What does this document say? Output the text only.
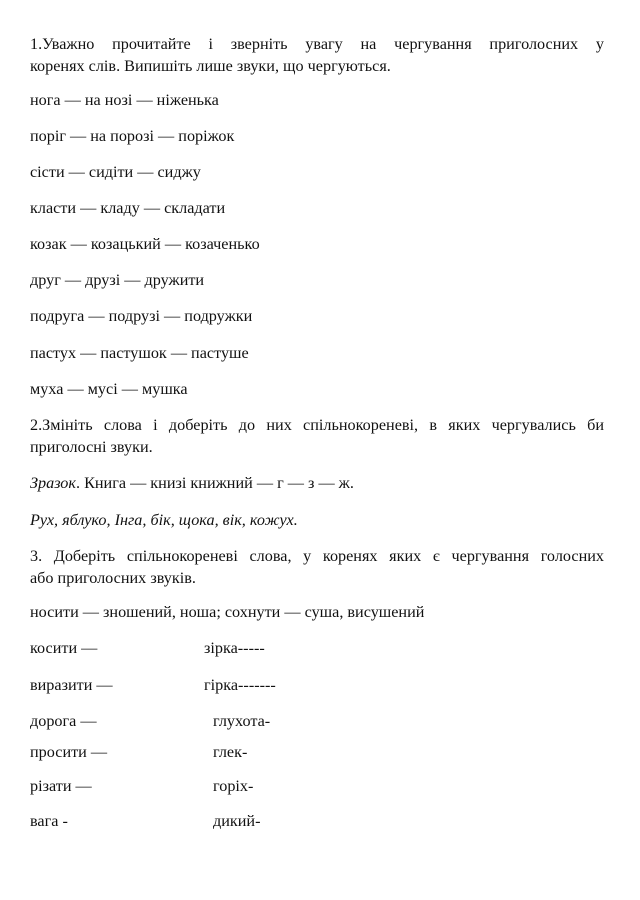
1.Уважно прочитайте і зверніть увагу на чергування приголосних у
коренях слів. Випишіть лише звуки, що чергуються.

нога — на нозі — ніженька

поріг — на порозі — поріжок

сісти — сидіти — сиджу

класти — кладу — складати

козак — козацький — козаченько

друг — друзі — дружити

подруга — подрузі — подружки

пастух — пастушок — пастуше

муха — мусі — мушка

2.Змініть слова і доберіть до них спільнокореневі, в яких чергувались би
приголосні звуки.

Зразок. Книга — книзі книжний — г — з — ж.

Рух, яблуко, Інга, бік, щока, вік, кожух.

3. Доберіть спільнокореневі слова, у коренях яких є чергування голосних
або приголосних звуків.

носити — зношений, ноша; сохнути — суша, висушений

косити —	зірка-----

виразити —	гірка-------

дорога —	глухота-

просити —	глек-

різати —	горіх-

вага -	дикий-
